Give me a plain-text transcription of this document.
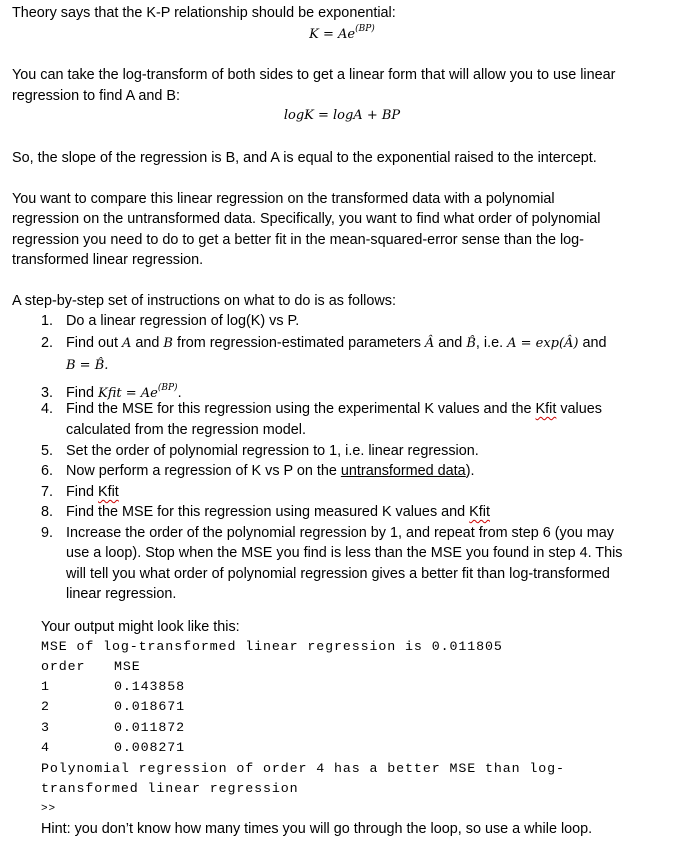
Theory says that the K-P relationship should be exponential:
$K = Ae^{(BP)}$
You can take the log-transform of both sides to get a linear form that will allow you to use linear
regression to find A and B:
logK = logA + BP
So, the slope of the regression is B, and A is equal to the exponential raised to the intercept.
You want to compare this linear regression on the transformed data with a polynomial
regression on the untransformed data. Specifically, you want to find what order of polynomial
regression you need to do to get a better fit in the mean-squared-error sense than the log-
transformed linear regression.
A step-by-step set of instructions on what to do is as follows:
1. Do a linear regression of log(K) vs P.
2. Find out A and B from regression-estimated parameters Â and B̂, i.e. A = exp(Â) and
B = B̂.
3. Find Kfit = $Ae^{(BP)}$.
4. Find the MSE for this regression using the experimental K values and the Kfit values
calculated from the regression model.
5. Set the order of polynomial regression to 1, i.e. linear regression.
6. Now perform a regression of K vs P on the untransformed data).
7. Find Kfit
8. Find the MSE for this regression using measured K values and Kfit
9. Increase the order of the polynomial regression by 1, and repeat from step 6 (you may
use a loop). Stop when the MSE you find is less than the MSE you found in step 4. This
will tell you what order of polynomial regression gives a better fit than log-transformed
linear regression.
Your output might look like this:
MSE of log-transformed linear regression is 0.011805
order MSE
1	0.143858
2	0.018671
3	0.011872
4	0.008271
Polynomial regression of order 4 has a better MSE than log-
transformed linear regression
>>
Hint: you don’t know how many times you will go through the loop, so use a while loop.
